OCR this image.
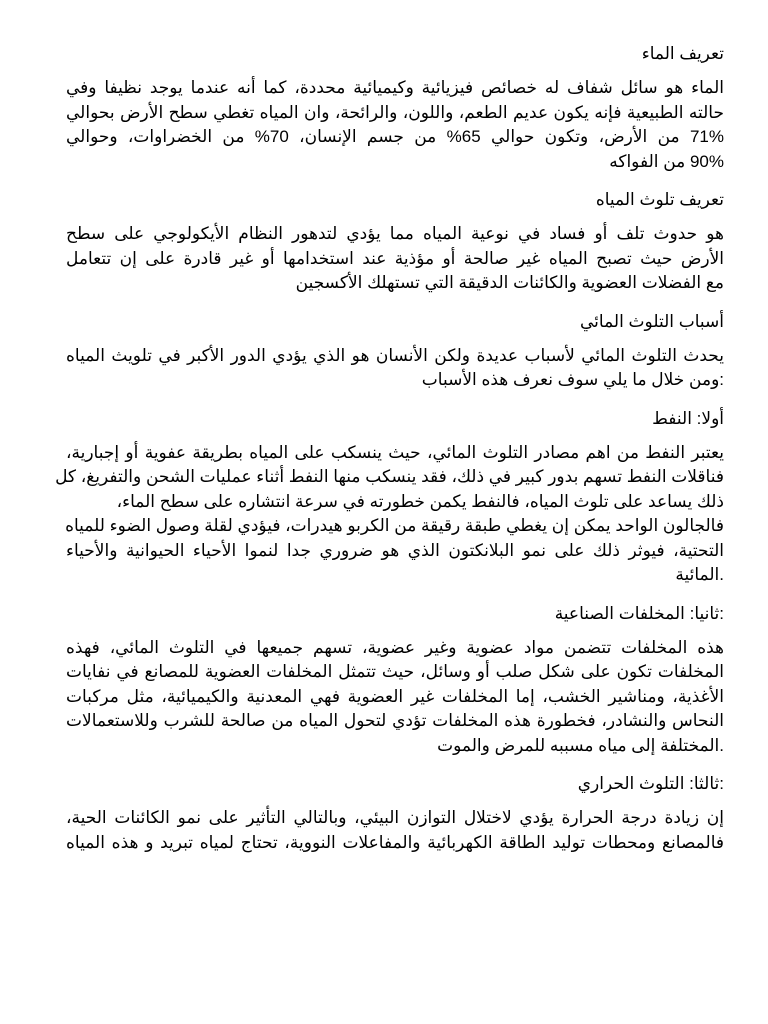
تعريف الماء

الماء هو سائل شفاف له خصائص فيزيائية وكيميائية محددة، كما أنه عندما يوجد نظيفا وفي
حالته الطبيعية فإنه يكون عديم الطعم، واللون، والرائحة، وان المياه تغطي سطح الأرض بحوالي
71% من الأرض، وتكون حوالي 65% من جسم الإنسان، 70% من الخضراوات، وحوالي
90% من الفواكه

تعريف تلوث المياه

هو حدوث تلف أو فساد في نوعية المياه مما يؤدي لتدهور النظام الأيكولوجي على سطح
الأرض حيث تصبح المياه غير صالحة أو مؤذية عند استخدامها أو غير قادرة على إن تتعامل
مع الفضلات العضوية والكائنات الدقيقة التي تستهلك الأكسجين

أسباب التلوث المائي

يحدث التلوث المائي لأسباب عديدة ولكن الأنسان هو الذي يؤدي الدور الأكبر في تلويث المياه
:ومن خلال ما يلي سوف نعرف هذه الأسباب

أولا: النفط

يعتبر النفط من اهم مصادر التلوث المائي، حيث ينسكب على المياه بطريقة عفوية أو إجبارية،
فناقلات النفط تسهم بدور كبير في ذلك، فقد ينسكب منها النفط أثناء عمليات الشحن والتفريغ، كل
ذلك يساعد على تلوث المياه، فالنفط يكمن خطورته في سرعة انتشاره على سطح الماء،
فالجالون الواحد يمكن إن يغطي طبقة رقيقة من الكربو هيدرات، فيؤدي لقلة وصول الضوء للمياه
التحتية، فيوثر ذلك على نمو البلانكتون الذي هو ضروري جدا لنموا الأحياء الحيوانية والأحياء
.المائية

:ثانيا: المخلفات الصناعية

هذه المخلفات تتضمن مواد عضوية وغير عضوية، تسهم جميعها في التلوث المائي، فهذه
المخلفات تكون على شكل صلب أو وسائل، حيث تتمثل المخلفات العضوية للمصانع في نفايات
الأغذية، ومناشير الخشب، إما المخلفات غير العضوية فهي المعدنية والكيميائية، مثل مركبات
النحاس والنشادر، فخطورة هذه المخلفات تؤدي لتحول المياه من صالحة للشرب وللاستعمالات
.المختلفة إلى مياه مسببه للمرض والموت

:ثالثا: التلوث الحراري

إن زيادة درجة الحرارة يؤدي لاختلال التوازن البيئي، وبالتالي التأثير على نمو الكائنات الحية،
فالمصانع ومحطات توليد الطاقة الكهربائية والمفاعلات النووية، تحتاج لمياه تبريد و هذه المياه
